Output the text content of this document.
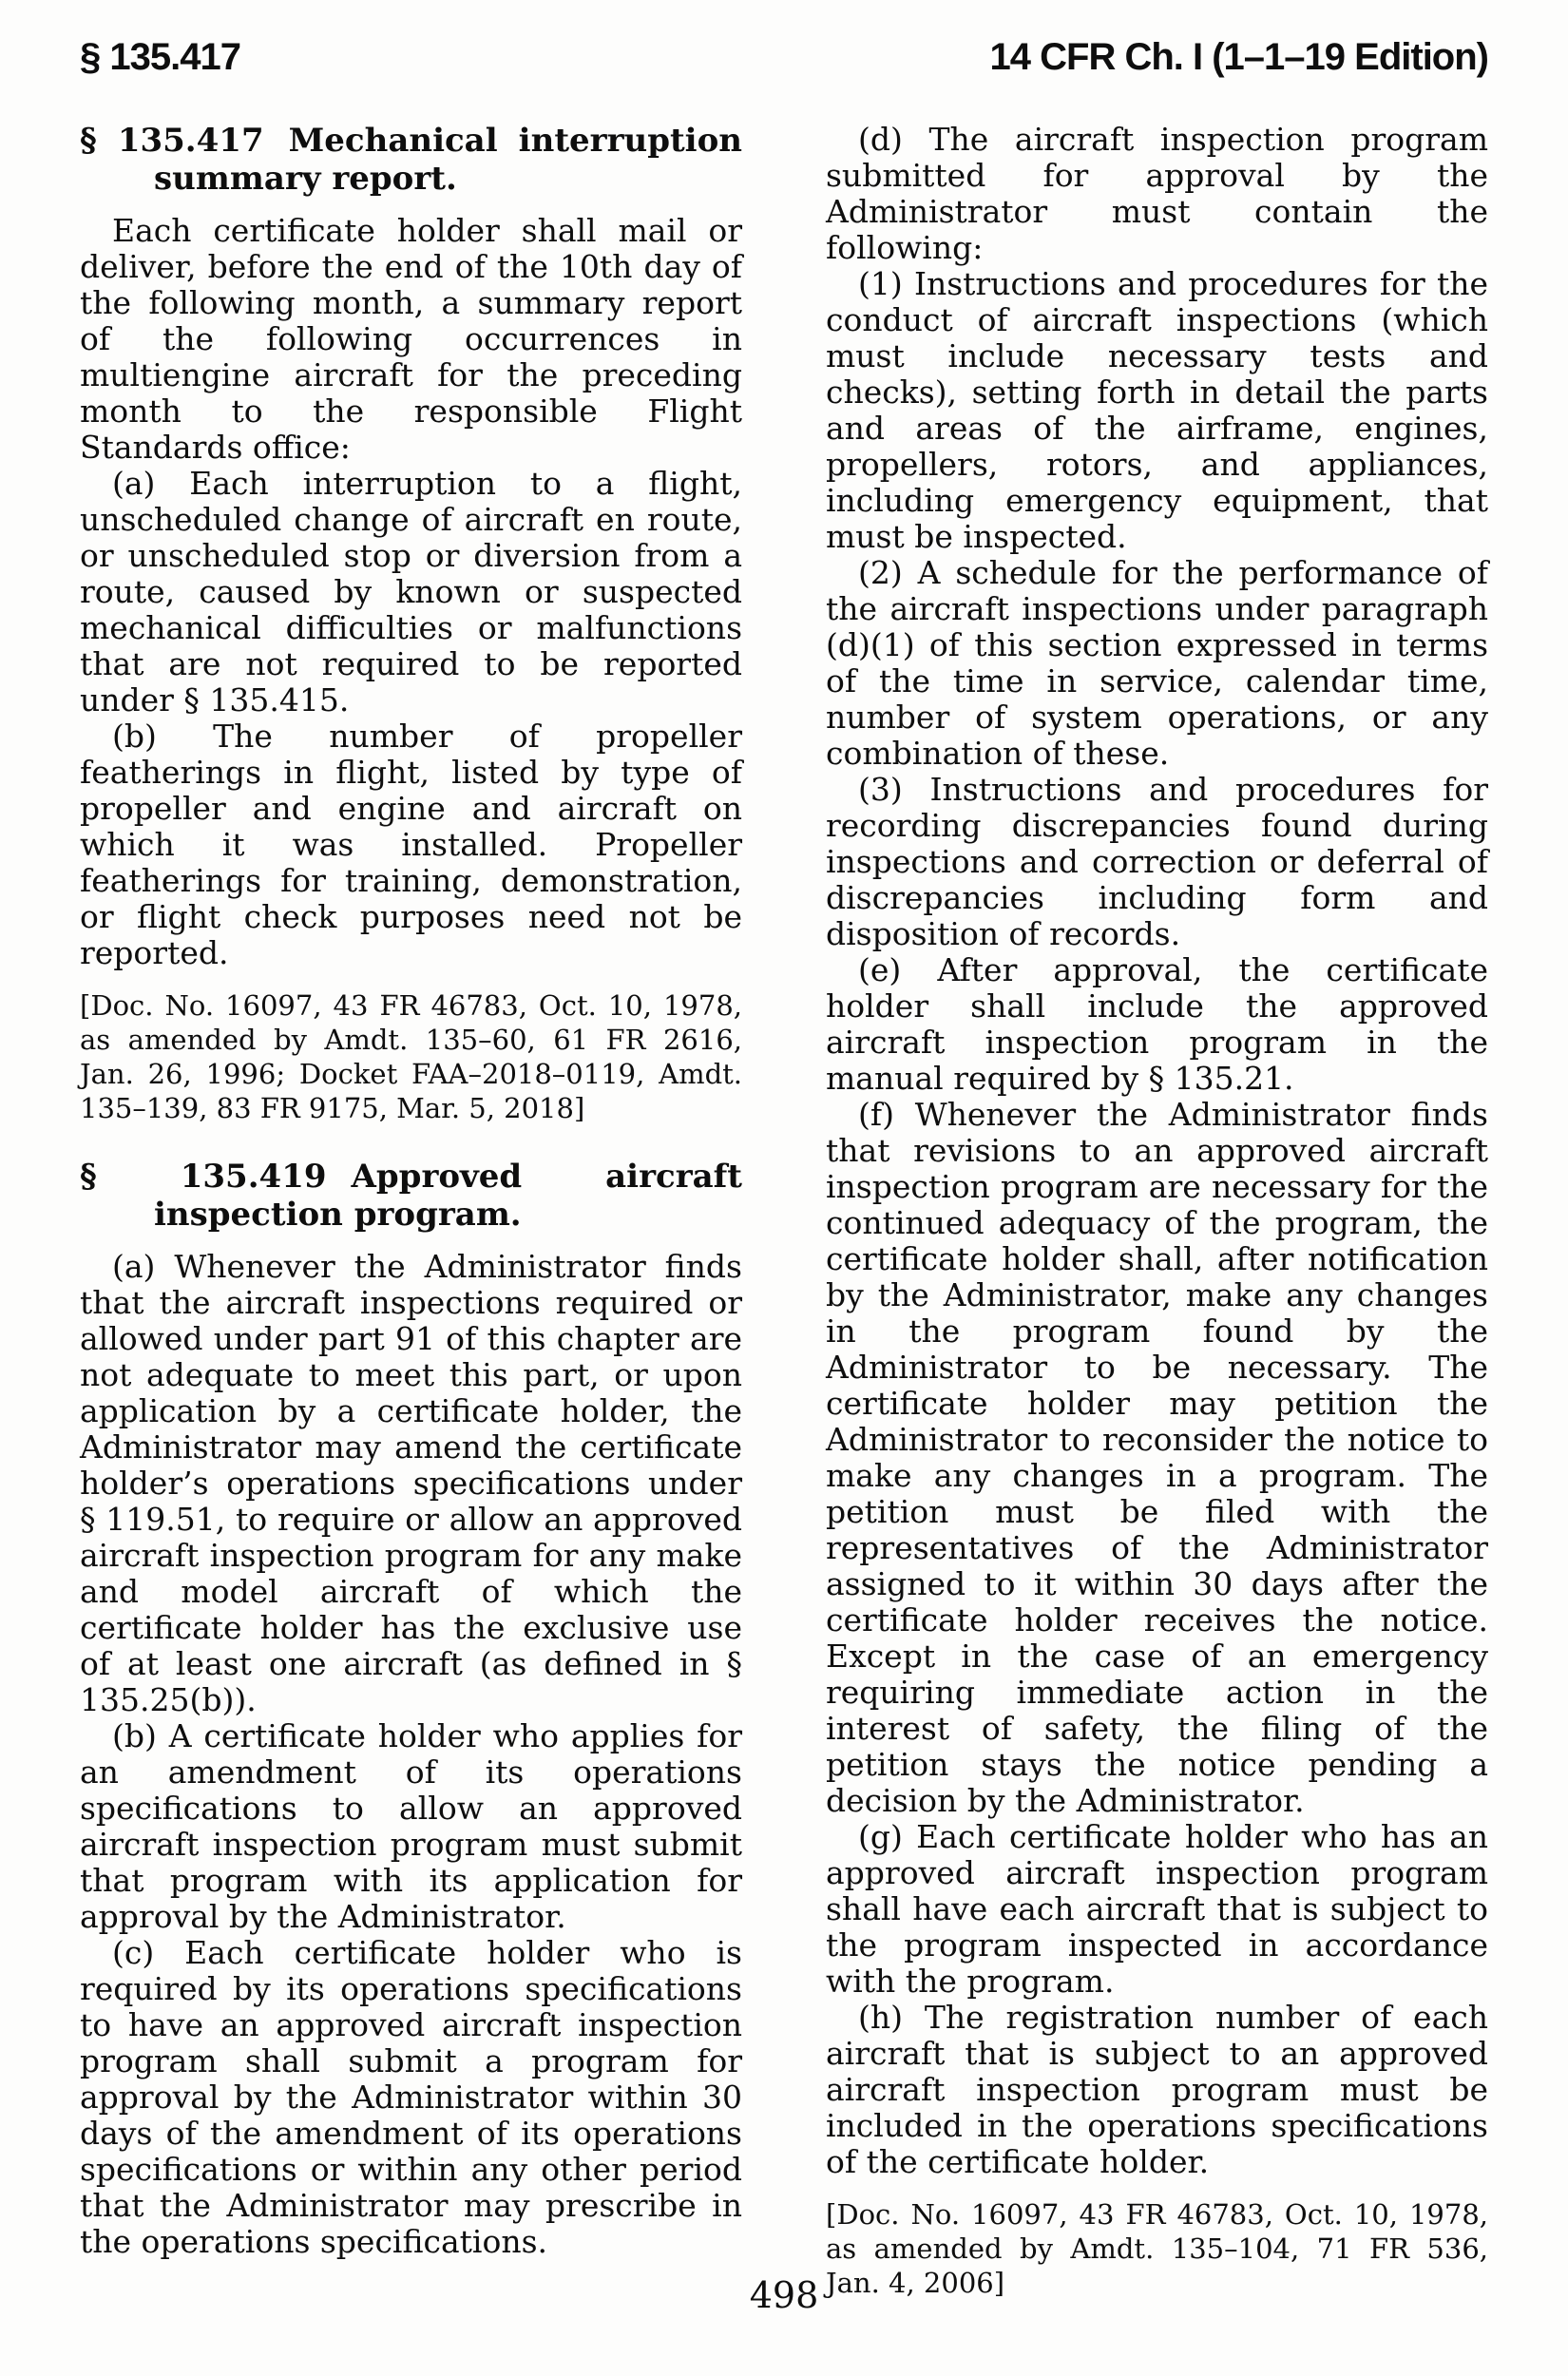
§ 135.417	14 CFR Ch. I (1–1–19 Edition)
§ 135.417 Mechanical interruption summary report.

Each certificate holder shall mail or deliver, before the end of the 10th day of the following month, a summary report of the following occurrences in multiengine aircraft for the preceding month to the responsible Flight Standards office:

(a) Each interruption to a flight, unscheduled change of aircraft en route, or unscheduled stop or diversion from a route, caused by known or suspected mechanical difficulties or malfunctions that are not required to be reported under § 135.415.

(b) The number of propeller featherings in flight, listed by type of propeller and engine and aircraft on which it was installed. Propeller featherings for training, demonstration, or flight check purposes need not be reported.

[Doc. No. 16097, 43 FR 46783, Oct. 10, 1978, as amended by Amdt. 135–60, 61 FR 2616, Jan. 26, 1996; Docket FAA–2018–0119, Amdt. 135–139, 83 FR 9175, Mar. 5, 2018]

§ 135.419 Approved aircraft inspection program.

(a) Whenever the Administrator finds that the aircraft inspections required or allowed under part 91 of this chapter are not adequate to meet this part, or upon application by a certificate holder, the Administrator may amend the certificate holder’s operations specifications under § 119.51, to require or allow an approved aircraft inspection program for any make and model aircraft of which the certificate holder has the exclusive use of at least one aircraft (as defined in § 135.25(b)).

(b) A certificate holder who applies for an amendment of its operations specifications to allow an approved aircraft inspection program must submit that program with its application for approval by the Administrator.

(c) Each certificate holder who is required by its operations specifications to have an approved aircraft inspection program shall submit a program for approval by the Administrator within 30 days of the amendment of its operations specifications or within any other period that the Administrator may prescribe in the operations specifications.

(d) The aircraft inspection program submitted for approval by the Administrator must contain the following:

(1) Instructions and procedures for the conduct of aircraft inspections (which must include necessary tests and checks), setting forth in detail the parts and areas of the airframe, engines, propellers, rotors, and appliances, including emergency equipment, that must be inspected.

(2) A schedule for the performance of the aircraft inspections under paragraph (d)(1) of this section expressed in terms of the time in service, calendar time, number of system operations, or any combination of these.

(3) Instructions and procedures for recording discrepancies found during inspections and correction or deferral of discrepancies including form and disposition of records.

(e) After approval, the certificate holder shall include the approved aircraft inspection program in the manual required by § 135.21.

(f) Whenever the Administrator finds that revisions to an approved aircraft inspection program are necessary for the continued adequacy of the program, the certificate holder shall, after notification by the Administrator, make any changes in the program found by the Administrator to be necessary. The certificate holder may petition the Administrator to reconsider the notice to make any changes in a program. The petition must be filed with the representatives of the Administrator assigned to it within 30 days after the certificate holder receives the notice. Except in the case of an emergency requiring immediate action in the interest of safety, the filing of the petition stays the notice pending a decision by the Administrator.

(g) Each certificate holder who has an approved aircraft inspection program shall have each aircraft that is subject to the program inspected in accordance with the program.

(h) The registration number of each aircraft that is subject to an approved aircraft inspection program must be included in the operations specifications of the certificate holder.

[Doc. No. 16097, 43 FR 46783, Oct. 10, 1978, as amended by Amdt. 135–104, 71 FR 536, Jan. 4, 2006]

498
